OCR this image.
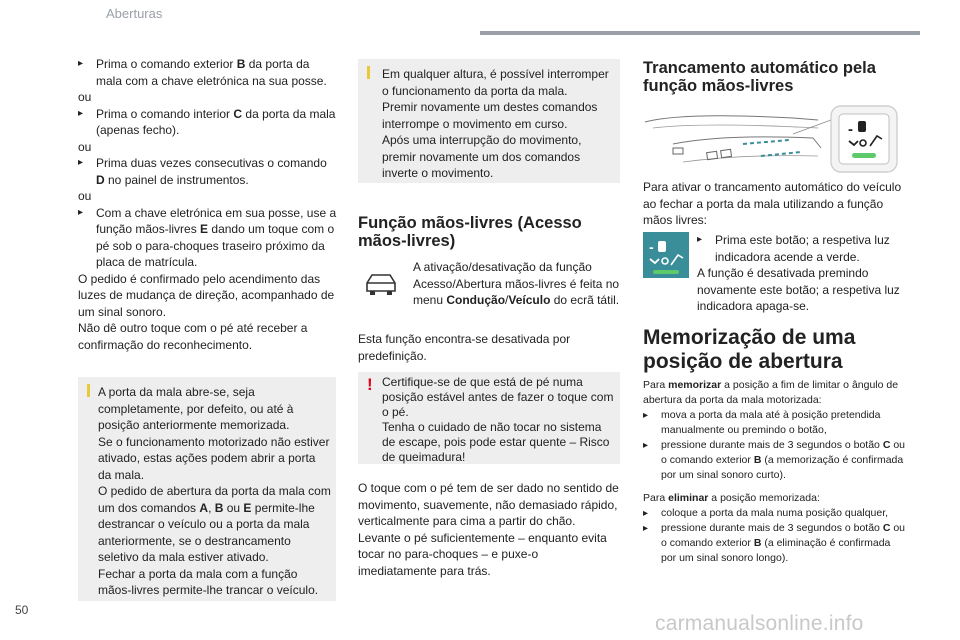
Aberturas
▸ Prima o comando exterior B da porta da mala com a chave eletrónica na sua posse.
ou
▸ Prima o comando interior C da porta da mala (apenas fecho).
ou
▸ Prima duas vezes consecutivas o comando D no painel de instrumentos.
ou
▸ Com a chave eletrónica em sua posse, use a função mãos-livres E dando um toque com o pé sob o para-choques traseiro próximo da placa de matrícula.
O pedido é confirmado pelo acendimento das luzes de mudança de direção, acompanhado de um sinal sonoro.
Não dê outro toque com o pé até receber a confirmação do reconhecimento.
A porta da mala abre-se, seja completamente, por defeito, ou até à posição anteriormente memorizada.
Se o funcionamento motorizado não estiver ativado, estas ações podem abrir a porta da mala.
O pedido de abertura da porta da mala com um dos comandos A, B ou E permite-lhe destrancar o veículo ou a porta da mala anteriormente, se o destrancamento seletivo da mala estiver ativado.
Fechar a porta da mala com a função mãos-livres permite-lhe trancar o veículo.
Em qualquer altura, é possível interromper o funcionamento da porta da mala.
Premir novamente um destes comandos interrompe o movimento em curso.
Após uma interrupção do movimento, premir novamente um dos comandos inverte o movimento.
Função mãos-livres (Acesso mãos-livres)
A ativação/desativação da função Acesso/Abertura mãos-livres é feita no menu Condução/Veículo do ecrã tátil.
Esta função encontra-se desativada por predefinição.
! Certifique-se de que está de pé numa posição estável antes de fazer o toque com o pé.
Tenha o cuidado de não tocar no sistema de escape, pois pode estar quente – Risco de queimadura!
O toque com o pé tem de ser dado no sentido de movimento, suavemente, não demasiado rápido, verticalmente para cima a partir do chão. Levante o pé suficientemente – enquanto evita tocar no para-choques – e puxe-o imediatamente para trás.
Trancamento automático pela função mãos-livres
-
Para ativar o trancamento automático do veículo ao fechar a porta da mala utilizando a função mãos livres:
-	▸ Prima este botão; a respetiva luz indicadora acende a verde.
A função é desativada premindo novamente este botão; a respetiva luz indicadora apaga-se.
Memorização de uma posição de abertura
Para memorizar a posição a fim de limitar o ângulo de abertura da porta da mala motorizada:
▸ mova a porta da mala até à posição pretendida manualmente ou premindo o botão,
▸ pressione durante mais de 3 segundos o botão C ou o comando exterior B (a memorização é confirmada por um sinal sonoro curto).
Para eliminar a posição memorizada:
▸ coloque a porta da mala numa posição qualquer,
▸ pressione durante mais de 3 segundos o botão C ou o comando exterior B (a eliminação é confirmada por um sinal sonoro longo).
50
carmanualsonline.info
